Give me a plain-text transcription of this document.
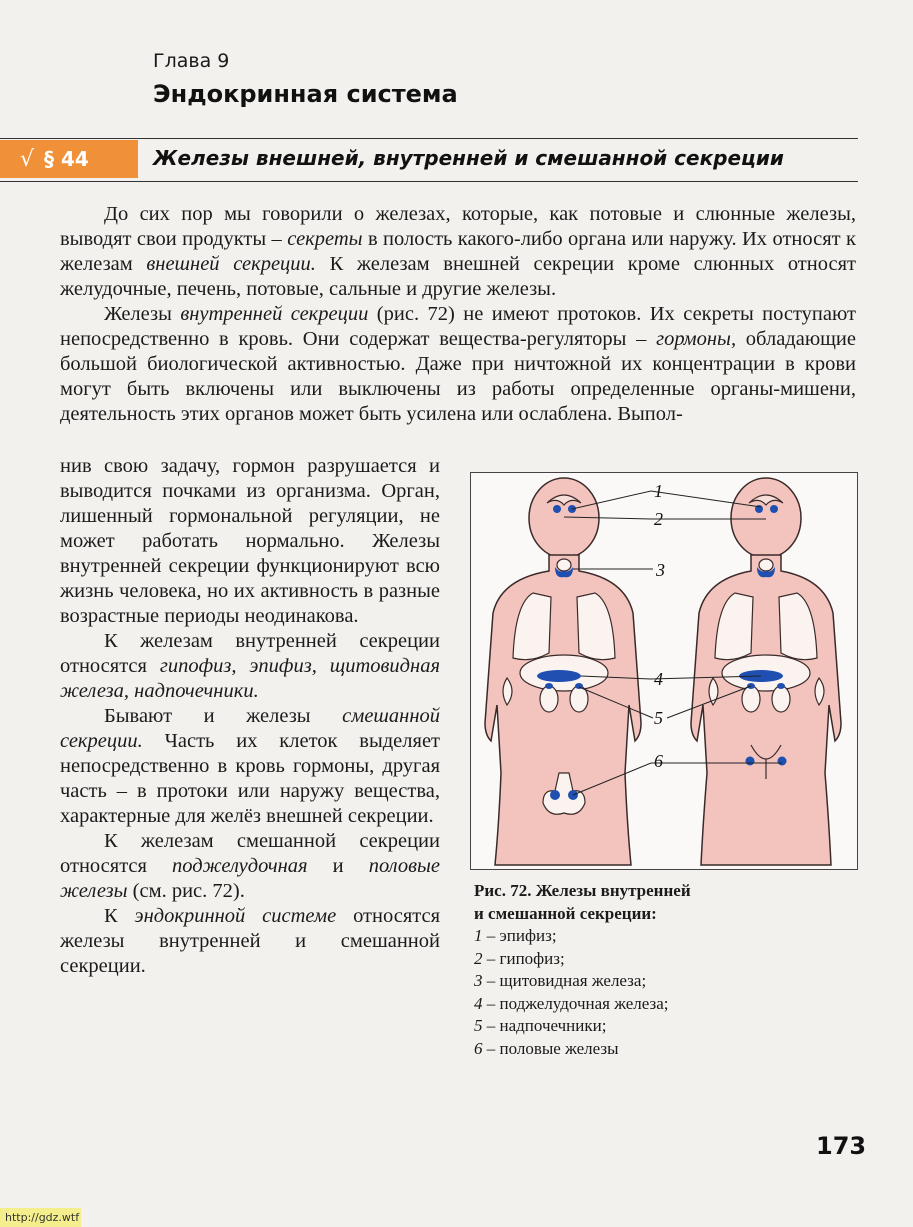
Глава 9
Эндокринная система
√ § 44	Железы внешней, внутренней и смешанной секреции

До сих пор мы говорили о железах, которые, как потовые и слюнные железы, выводят свои продукты – секреты в полость какого-либо органа или наружу. Их относят к железам внешней секреции. К железам внешней секреции кроме слюнных относят желудочные, печень, потовые, сальные и другие железы.

Железы внутренней секреции (рис. 72) не имеют протоков. Их секреты поступают непосредственно в кровь. Они содержат вещества-регуляторы – гормоны, обладающие большой биологической активностью. Даже при ничтожной их концентрации в крови могут быть включены или выключены из работы определенные органы-мишени, деятельность этих органов может быть усилена или ослаблена. Выпол-

нив свою задачу, гормон разрушается и выводится почками из организма. Орган, лишенный гормональной регуляции, не может работать нормально. Железы внутренней секреции функционируют всю жизнь человека, но их активность в разные возрастные периоды неодинакова.

К железам внутренней секреции относятся гипофиз, эпифиз, щитовидная железа, надпочечники.

Бывают и железы смешанной секреции. Часть их клеток выделяет непосредственно в кровь гормоны, другая часть – в протоки или наружу вещества, характерные для желёз внешней секреции.

К железам смешанной секреции относятся поджелудочная и половые железы (см. рис. 72).

К эндокринной системе относятся железы внутренней и смешанной секреции.

1
2
3
4
5
6
Рис. 72. Железы внутренней
и смешанной секреции:
1 – эпифиз;
2 – гипофиз;
3 – щитовидная железа;
4 – поджелудочная железа;
5 – надпочечники;
6 – половые железы
173
http://gdz.wtf
